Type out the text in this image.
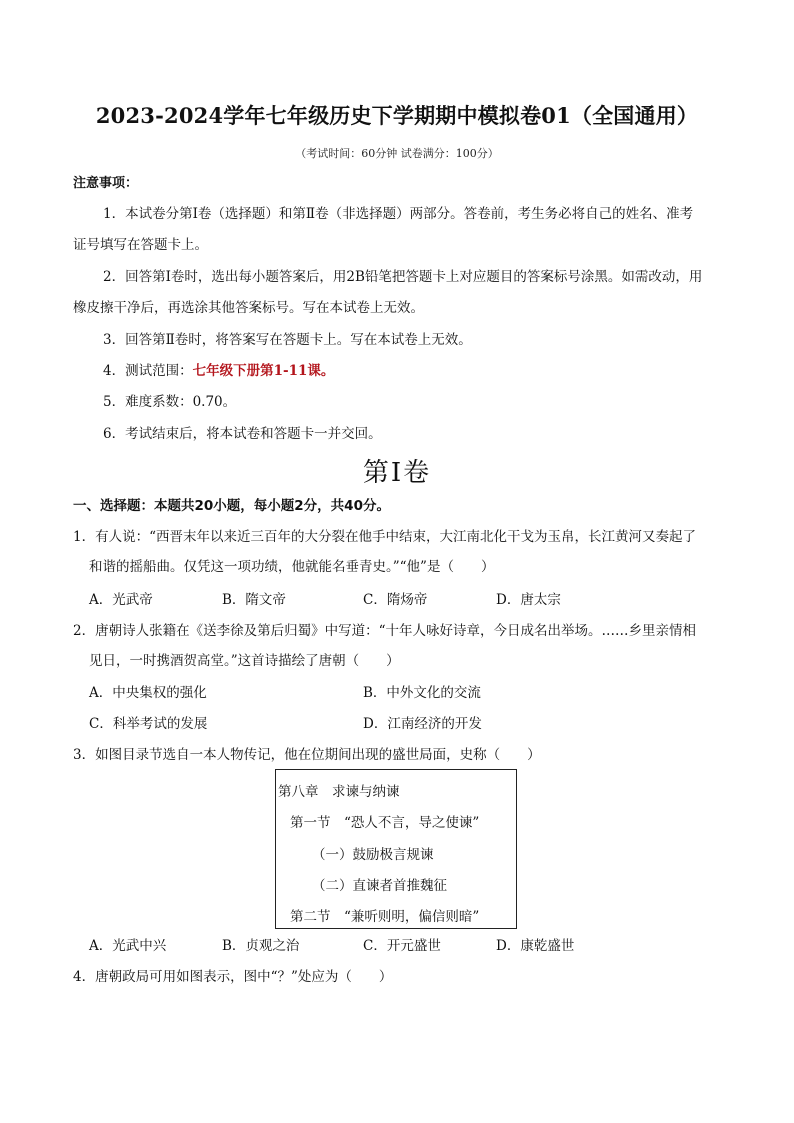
2023-2024学年七年级历史下学期期中模拟卷01（全国通用）
（考试时间：60分钟 试卷满分：100分）
注意事项：
1．本试卷分第Ⅰ卷（选择题）和第Ⅱ卷（非选择题）两部分。答卷前，考生务必将自己的姓名、准考
证号填写在答题卡上。
2．回答第Ⅰ卷时，选出每小题答案后，用2B铅笔把答题卡上对应题目的答案标号涂黑。如需改动，用
橡皮擦干净后，再选涂其他答案标号。写在本试卷上无效。
3．回答第Ⅱ卷时，将答案写在答题卡上。写在本试卷上无效。
4．测试范围：七年级下册第1-11课。
5．难度系数：0.70。
6．考试结束后，将本试卷和答题卡一并交回。
第Ⅰ卷
一、选择题：本题共20小题，每小题2分，共40分。
1．有人说：“西晋末年以来近三百年的大分裂在他手中结束，大江南北化干戈为玉帛，长江黄河又奏起了
和谐的摇船曲。仅凭这一项功绩，他就能名垂青史。”“他”是（　　）
A．光武帝	B．隋文帝	C．隋炀帝	D．唐太宗
2．唐朝诗人张籍在《送李徐及第后归蜀》中写道：“十年人咏好诗章，今日成名出举场。……乡里亲情相
见日，一时携酒贺高堂。”这首诗描绘了唐朝（　　）
A．中央集权的强化	B．中外文化的交流
C．科举考试的发展	D．江南经济的开发
3．如图目录节选自一本人物传记，他在位期间出现的盛世局面，史称（　　）
第八章　求谏与纳谏
第一节　“恐人不言，导之使谏”
（一）鼓励极言规谏
（二）直谏者首推魏征
第二节　“兼听则明，偏信则暗”
A．光武中兴	B．贞观之治	C．开元盛世	D．康乾盛世
4．唐朝政局可用如图表示，图中“？”处应为（　　）
